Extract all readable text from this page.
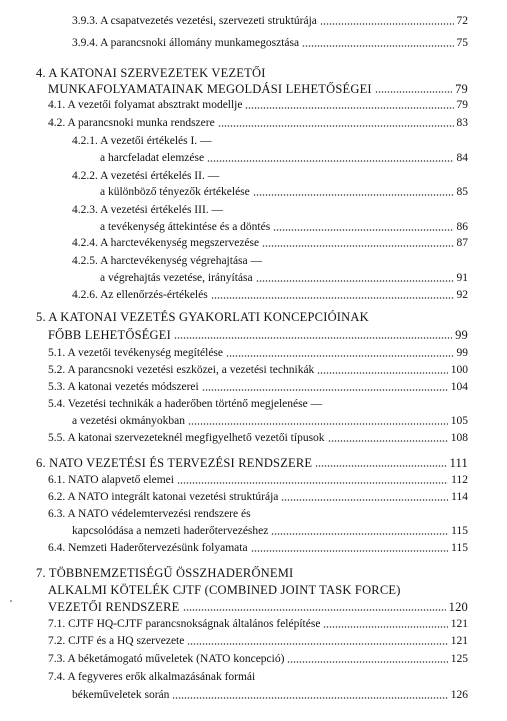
3.9.3. A csapatvezetés vezetési, szervezeti struktúrája	72
3.9.4. A parancsnoki állomány munkamegosztása	75
4. A KATONAI SZERVEZETEK VEZETŐI
MUNKAFOLYAMATAINAK MEGOLDÁSI LEHETŐSÉGEI	79
4.1. A vezetői folyamat absztrakt modellje	79
4.2. A parancsnoki munka rendszere	83
4.2.1. A vezetői értékelés I. —
a harcfeladat elemzése	84
4.2.2. A vezetési értékelés II. —
a különböző tényezők értékelése	85
4.2.3. A vezetési értékelés III. —
a tevékenység áttekintése és a döntés	86
4.2.4. A harctevékenység megszervezése	87
4.2.5. A harctevékenység végrehajtása —
a végrehajtás vezetése, irányítása	91
4.2.6. Az ellenőrzés-értékelés	92
5. A KATONAI VEZETÉS GYAKORLATI KONCEPCIÓINAK
FŐBB LEHETŐSÉGEI	99
5.1. A vezetői tevékenység megítélése	99
5.2. A parancsnoki vezetési eszközei, a vezetési technikák	100
5.3. A katonai vezetés módszerei	104
5.4. Vezetési technikák a haderőben történő megjelenése —
a vezetési okmányokban	105
5.5. A katonai szervezeteknél megfigyelhető vezetői típusok	108
6. NATO VEZETÉSI ÉS TERVEZÉSI RENDSZERE	111
6.1. NATO alapvető elemei	112
6.2. A NATO integrált katonai vezetési struktúrája	114
6.3. A NATO védelemtervezési rendszere és
kapcsolódása a nemzeti haderőtervezéshez	115
6.4. Nemzeti Haderőtervezésünk folyamata	115
7. TÖBBNEMZETISÉGŰ ÖSSZHADERŐNEMI
ALKALMI KÖTELÉK CJTF (COMBINED JOINT TASK FORCE)
VEZETŐI RENDSZERE	120
7.1. CJTF HQ-CJTF parancsnokságnak általános felépítése	121
7.2. CJTF és a HQ szervezete	121
7.3. A béketámogató műveletek (NATO koncepció)	125
7.4. A fegyveres erők alkalmazásának formái
békeműveletek során	126
